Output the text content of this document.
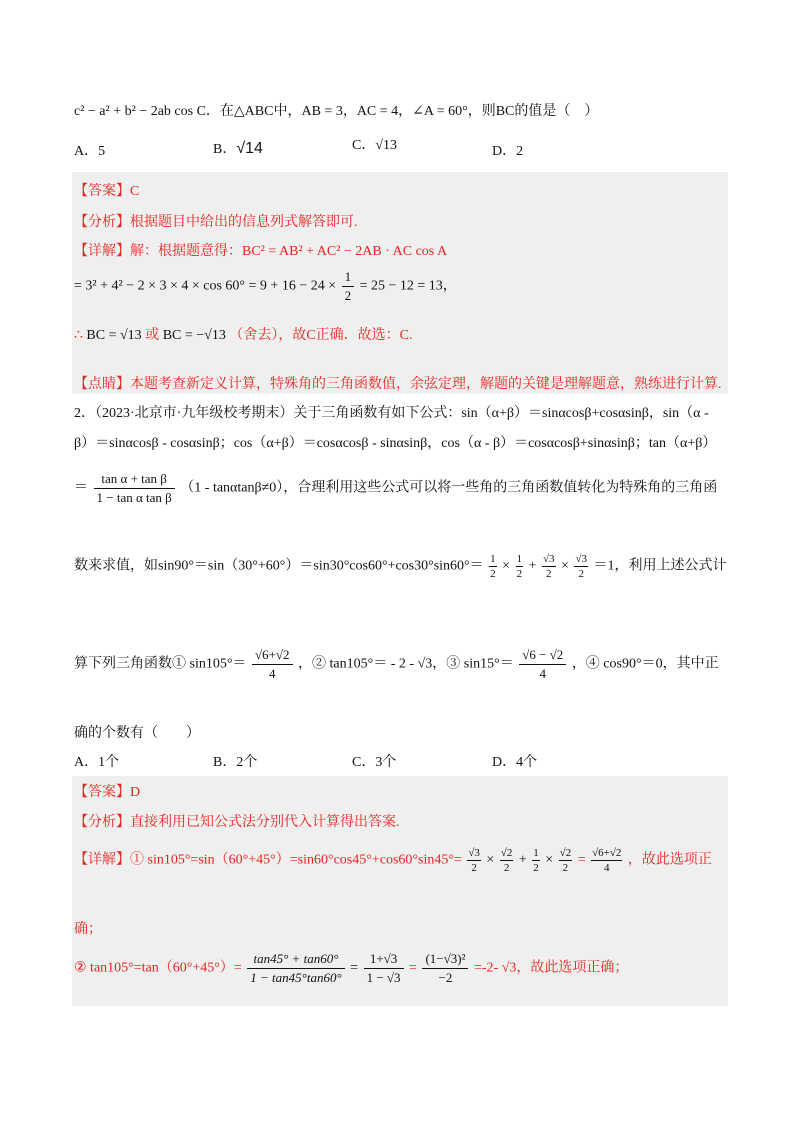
c² − a² + b² − 2ab cos C．在△ABC中，AB = 3，AC = 4，∠A = 60°，则BC的值是（　）
A．5	B．√14	C．√13	D．2
【答案】C
【分析】根据题目中给出的信息列式解答即可.
【详解】解：根据题意得：BC² = AB² + AC² − 2AB · AC cos A
= $3^2 + 4^2 - 2 \times 3 \times 4 \times \cos 60^\circ = 9 + 16 - 24 \times \frac{1}{2} = 25 - 12 = 13$，
∴ BC = √13 或 BC = −√13 （舍去），故C正确．故选：C.
【点睛】本题考查新定义计算，特殊角的三角函数值，余弦定理，解题的关键是理解题意，熟练进行计算.
2．（2023·北京市·九年级校考期末）关于三角函数有如下公式：sin（α+β）＝sinαcosβ+cosαsinβ，sin（α -
β）＝sinαcosβ - cosαsinβ；cos（α+β）＝cosαcosβ - sinαsinβ，cos（α - β）＝cosαcosβ+sinαsinβ；tan（α+β）
＝ $\frac{\text{tan α + tan β}}{\text{1 − tan α tan β}} (1 - \tan\alpha\tan\beta\ne 0)$，合理利用这些公式可以将一些角的三角函数值转化为特殊角的三角函
数来求值，如$\sin 90^\circ=\sin(30^\circ+60^\circ)=\sin 30^\circ\cos 60^\circ+\cos 30^\circ\sin 60^\circ= \frac{1}{2} \times \frac{1}{2} + \frac{√3}{2} \times \frac{√3}{2} =1$，利用上述公式计
算下列三角函数① $\sin 105^\circ= \frac{√6+√2}{4}$ ，② tan105°＝ - 2 - √3，③ $\sin 15^\circ= \frac{√6 - √2}{4}$ ，④ cos90°＝0，其中正
确的个数有（　　）
A．1个	B．2个	C．3个	D．4个
【答案】D
【分析】直接利用已知公式法分别代入计算得出答案.
【详解】① $\sin 105^\circ=\sin(60^\circ+45^\circ)=\sin 60^\circ\cos 45^\circ+\cos 60^\circ\sin 45^\circ= \frac{√3}{2} \times \frac{√2}{2} + \frac{1}{2} \times \frac{√2}{2} = \frac{√6+√2}{4}$ ，故此选项正
确；
② $\tan 105^\circ=\tan(60^\circ+45^\circ)= \frac{\tan 45^\circ + \tan 60^\circ}{1 - \tan 45^\circ\tan 60^\circ} = \frac{1+√3}{1 - √3} = \frac{\text{(1−√3)²}}{-2} =-2-$ √3，故此选项正确；
